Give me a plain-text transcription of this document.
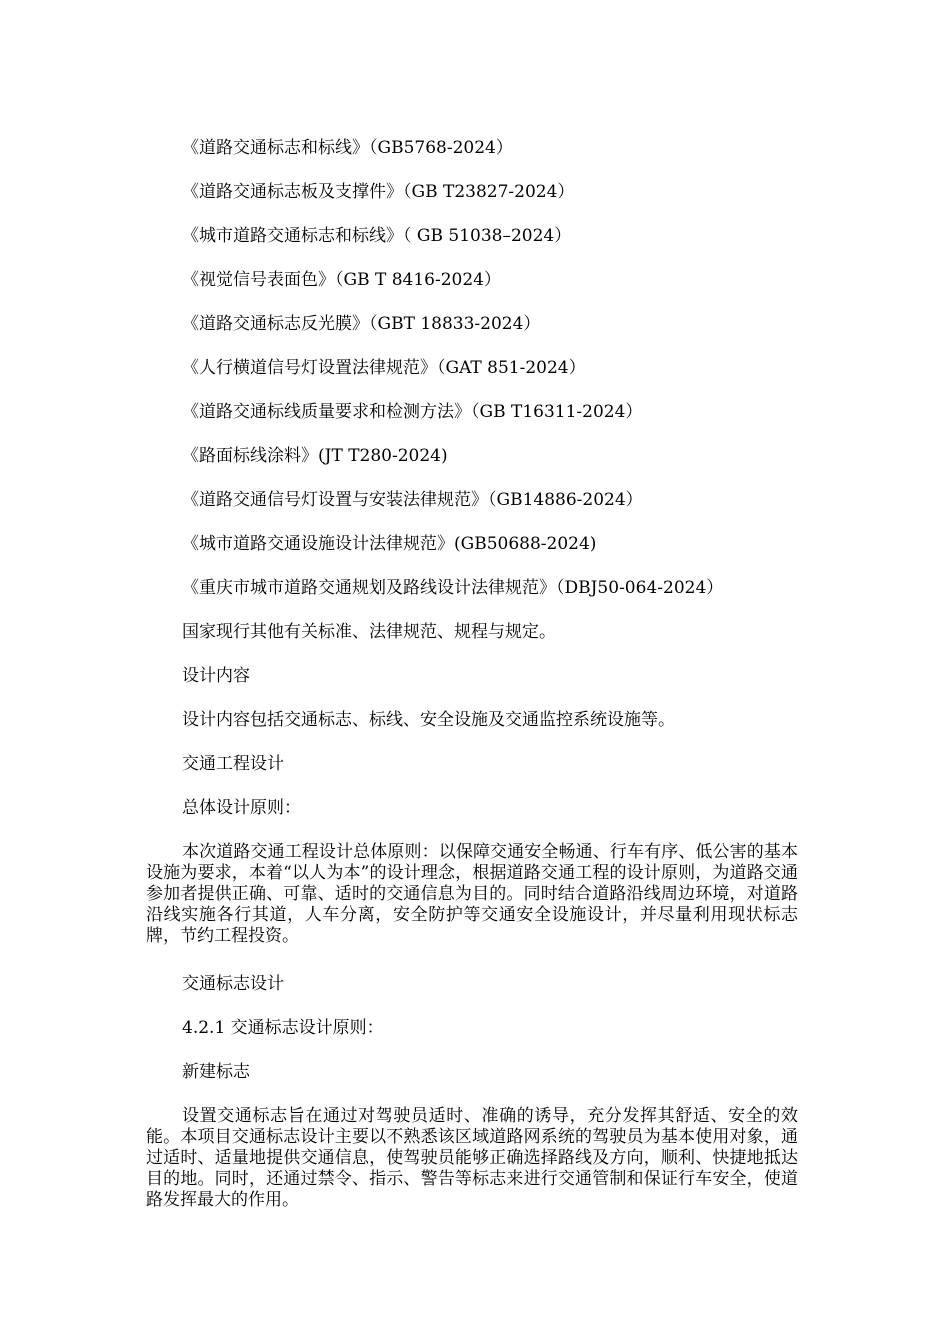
《道路交通标志和标线》（GB5768-2024）
《道路交通标志板及支撑件》（GB T23827-2024）
《城市道路交通标志和标线》（ GB 51038–2024）
《视觉信号表面色》（GB T 8416-2024）
《道路交通标志反光膜》（GBT 18833-2024）
《人行横道信号灯设置法律规范》（GAT 851-2024）
《道路交通标线质量要求和检测方法》（GB T16311-2024）
《路面标线涂料》(JT T280-2024)
《道路交通信号灯设置与安装法律规范》（GB14886-2024）
《城市道路交通设施设计法律规范》(GB50688-2024)
《重庆市城市道路交通规划及路线设计法律规范》（DBJ50-064-2024）
国家现行其他有关标准、法律规范、规程与规定。
设计内容
设计内容包括交通标志、标线、安全设施及交通监控系统设施等。
交通工程设计
总体设计原则：

本次道路交通工程设计总体原则：以保障交通安全畅通、行车有序、低公害的基本设施为要求，本着“以人为本”的设计理念，根据道路交通工程的设计原则，为道路交通参加者提供正确、可靠、适时的交通信息为目的。同时结合道路沿线周边环境，对道路沿线实施各行其道，人车分离，安全防护等交通安全设施设计，并尽量利用现状标志牌，节约工程投资。

交通标志设计
4.2.1 交通标志设计原则：
新建标志

设置交通标志旨在通过对驾驶员适时、准确的诱导，充分发挥其舒适、安全的效能。本项目交通标志设计主要以不熟悉该区域道路网系统的驾驶员为基本使用对象，通过适时、适量地提供交通信息，使驾驶员能够正确选择路线及方向，顺利、快捷地抵达目的地。同时，还通过禁令、指示、警告等标志来进行交通管制和保证行车安全，使道路发挥最大的作用。
